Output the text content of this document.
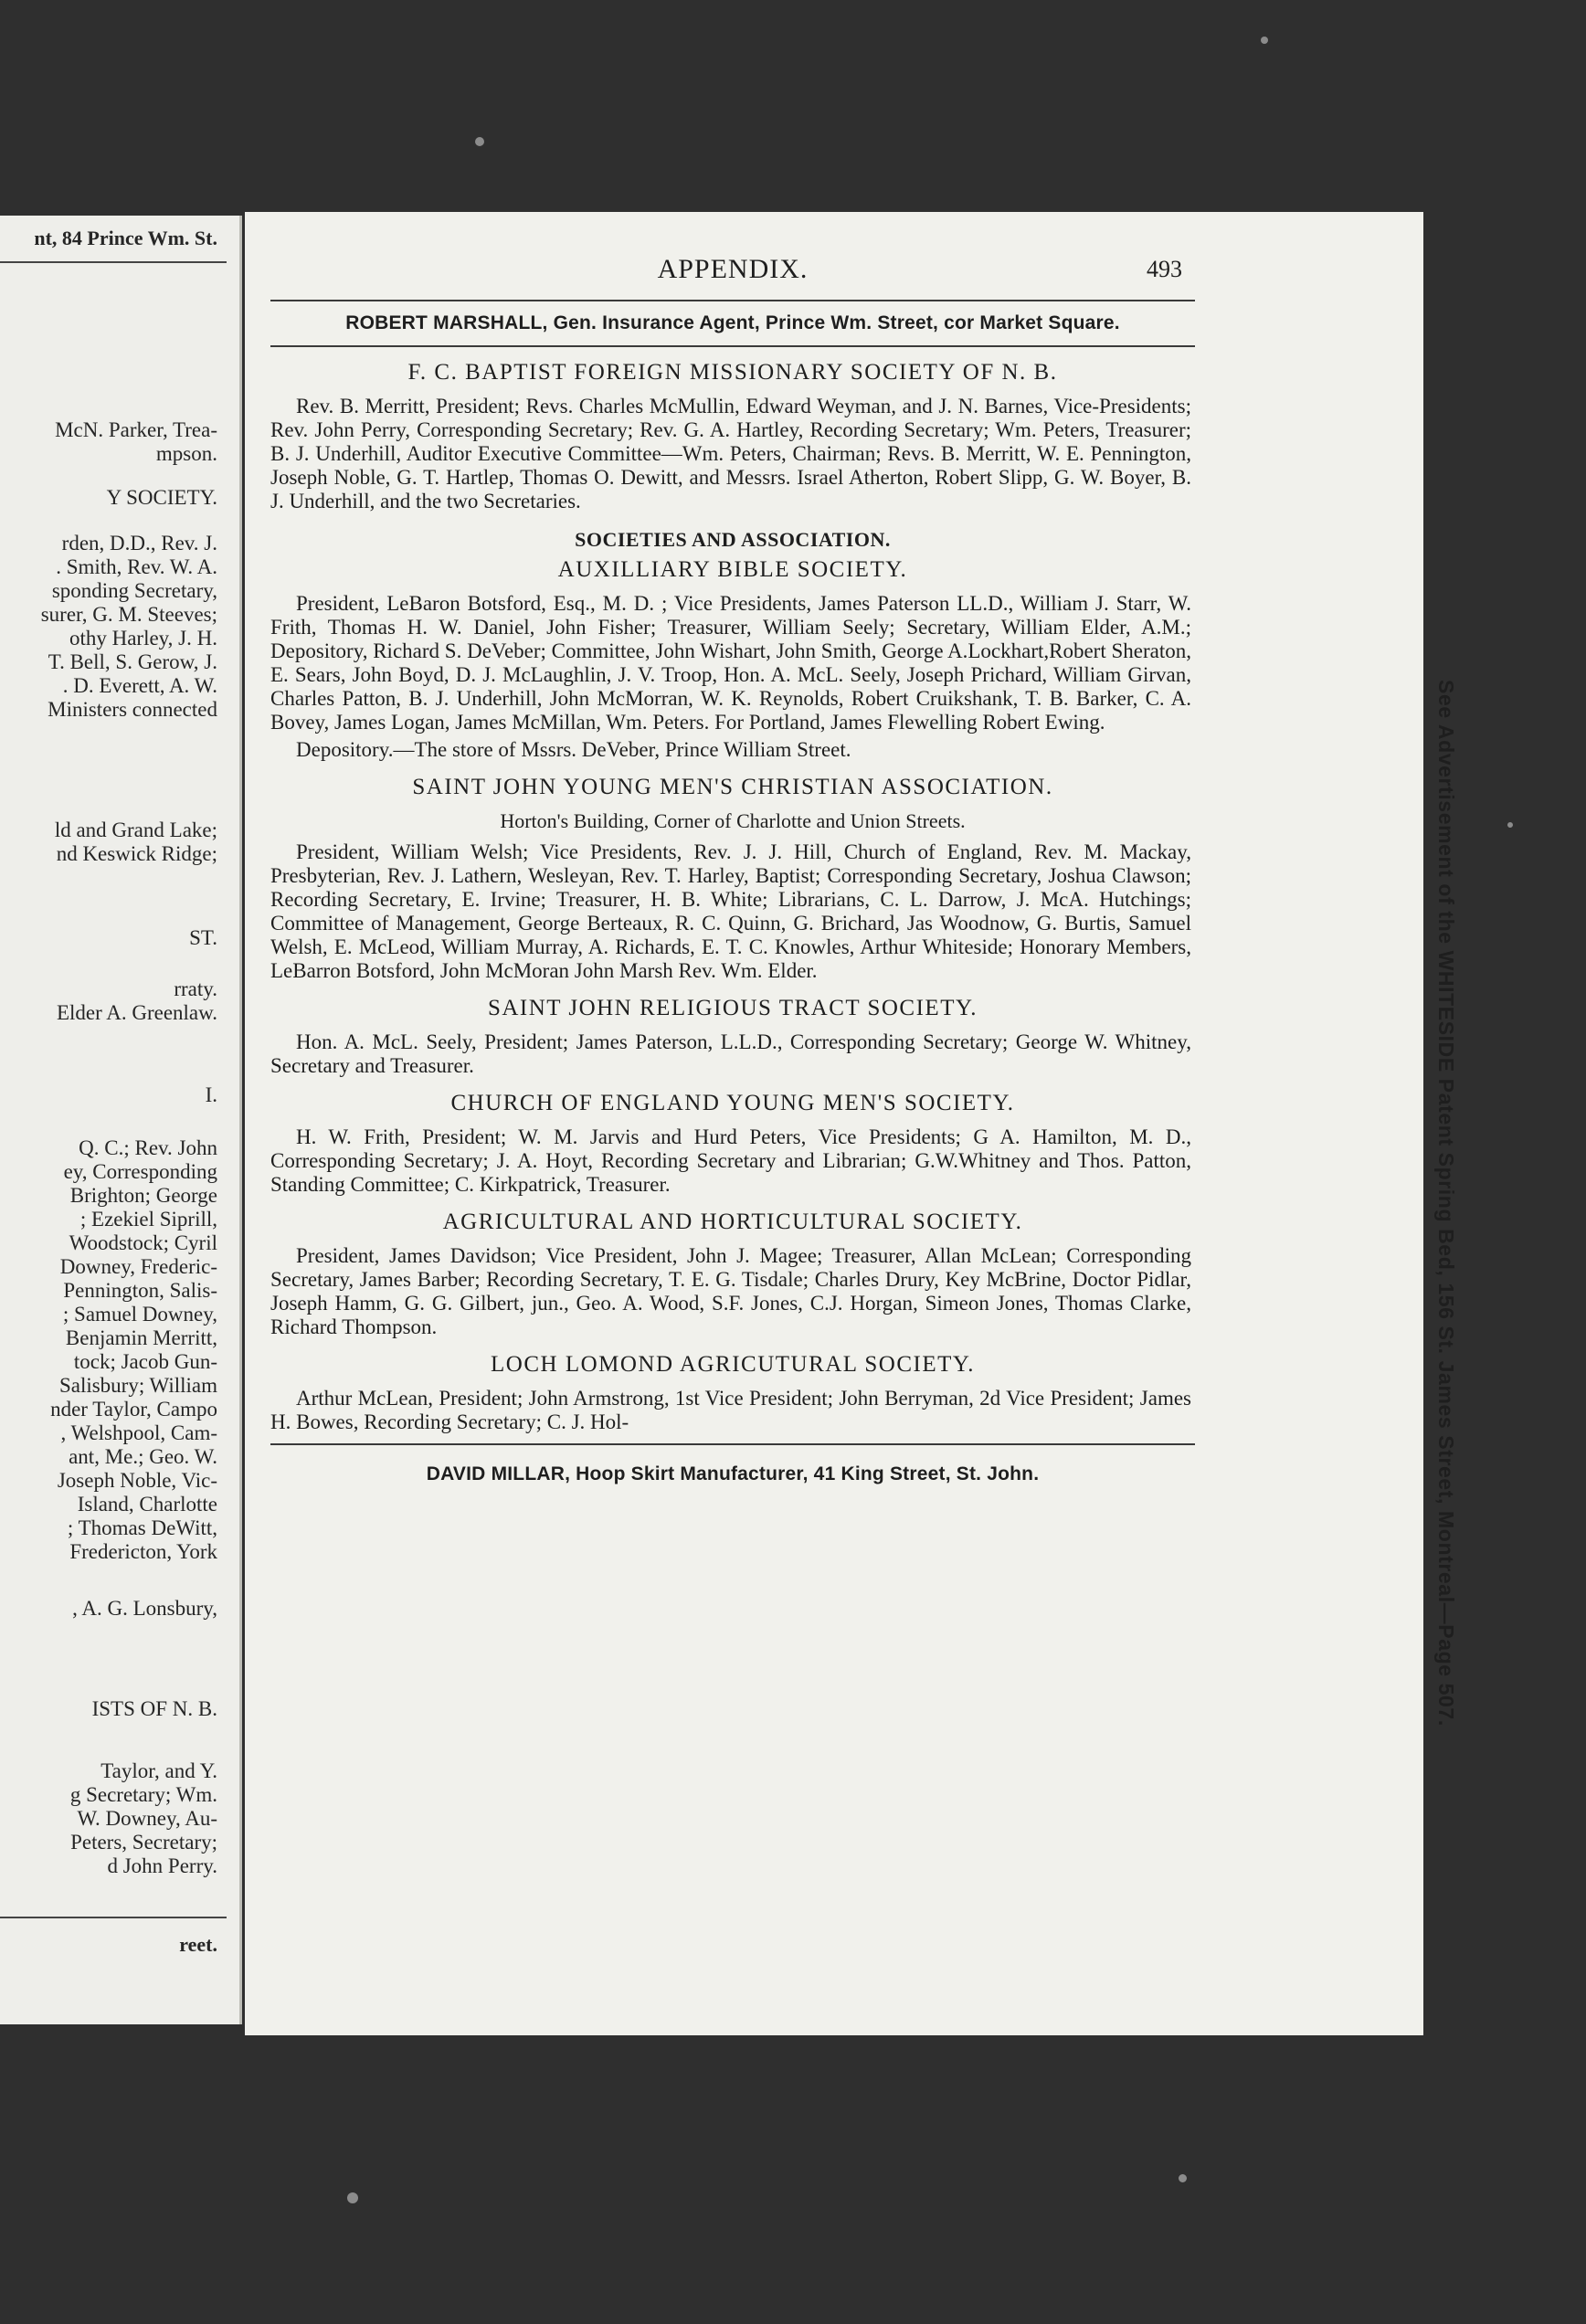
nt, 84 Prince Wm. St.
McN. Parker, Trea-
mpson.
Y SOCIETY.
rden, D.D., Rev. J.
. Smith, Rev. W. A.
sponding Secretary,
surer, G. M. Steeves;
othy Harley, J. H.
T. Bell, S. Gerow, J.
. D. Everett, A. W.
Ministers connected
ld and Grand Lake;
nd Keswick Ridge;
ST.
rraty.
Elder A. Greenlaw.
I.
Q. C.; Rev. John
ey, Corresponding
Brighton; George
; Ezekiel Siprill,
Woodstock; Cyril
Downey, Frederic-
Pennington, Salis-
; Samuel Downey,
Benjamin Merritt,
tock; Jacob Gun-
Salisbury; William
nder Taylor, Campo
, Welshpool, Cam-
ant, Me.; Geo. W.
Joseph Noble, Vic-
Island, Charlotte
; Thomas DeWitt,
Fredericton, York
, A. G. Lonsbury,
ISTS OF N. B.
Taylor, and Y.
g Secretary; Wm.
W. Downey, Au-
Peters, Secretary;
d John Perry.
reet.
APPENDIX.	493
ROBERT MARSHALL, Gen. Insurance Agent, Prince Wm. Street, cor Market Square.
F. C. BAPTIST FOREIGN MISSIONARY SOCIETY OF N. B.

Rev. B. Merritt, President; Revs. Charles McMullin, Edward Weyman, and J. N. Barnes, Vice-Presidents; Rev. John Perry, Corresponding Secretary; Rev. G. A. Hartley, Recording Secretary; Wm. Peters, Treasurer; B. J. Underhill, Auditor Executive Committee—Wm. Peters, Chairman; Revs. B. Merritt, W. E. Pennington, Joseph Noble, G. T. Hartlep, Thomas O. Dewitt, and Messrs. Israel Atherton, Robert Slipp, G. W. Boyer, B. J. Underhill, and the two Secretaries.

SOCIETIES AND ASSOCIATION.
AUXILLIARY BIBLE SOCIETY.

President, LeBaron Botsford, Esq., M. D. ; Vice Presidents, James Paterson LL.D., William J. Starr, W. Frith, Thomas H. W. Daniel, John Fisher; Treasurer, William Seely; Secretary, William Elder, A.M.; Depository, Richard S. DeVeber; Committee, John Wishart, John Smith, George A.Lockhart,Robert Sheraton, E. Sears, John Boyd, D. J. McLaughlin, J. V. Troop, Hon. A. McL. Seely, Joseph Prichard, William Girvan, Charles Patton, B. J. Underhill, John McMorran, W. K. Reynolds, Robert Cruikshank, T. B. Barker, C. A. Bovey, James Logan, James McMillan, Wm. Peters. For Portland, James Flewelling Robert Ewing.

Depository.—The store of Mssrs. DeVeber, Prince William Street.

SAINT JOHN YOUNG MEN'S CHRISTIAN ASSOCIATION.
Horton's Building, Corner of Charlotte and Union Streets.

President, William Welsh; Vice Presidents, Rev. J. J. Hill, Church of England, Rev. M. Mackay, Presbyterian, Rev. J. Lathern, Wesleyan, Rev. T. Harley, Baptist; Corresponding Secretary, Joshua Clawson; Recording Secretary, E. Irvine; Treasurer, H. B. White; Librarians, C. L. Darrow, J. McA. Hutchings; Committee of Management, George Berteaux, R. C. Quinn, G. Brichard, Jas Woodnow, G. Burtis, Samuel Welsh, E. McLeod, William Murray, A. Richards, E. T. C. Knowles, Arthur Whiteside; Honorary Members, LeBarron Botsford, John McMoran John Marsh Rev. Wm. Elder.

SAINT JOHN RELIGIOUS TRACT SOCIETY.

Hon. A. McL. Seely, President; James Paterson, L.L.D., Corresponding Secretary; George W. Whitney, Secretary and Treasurer.

CHURCH OF ENGLAND YOUNG MEN'S SOCIETY.

H. W. Frith, President; W. M. Jarvis and Hurd Peters, Vice Presidents; G A. Hamilton, M. D., Corresponding Secretary; J. A. Hoyt, Recording Secretary and Librarian; G.W.Whitney and Thos. Patton, Standing Committee; C. Kirkpatrick, Treasurer.

AGRICULTURAL AND HORTICULTURAL SOCIETY.

President, James Davidson; Vice President, John J. Magee; Treasurer, Allan McLean; Corresponding Secretary, James Barber; Recording Secretary, T. E. G. Tisdale; Charles Drury, Key McBrine, Doctor Pidlar, Joseph Hamm, G. G. Gilbert, jun., Geo. A. Wood, S.F. Jones, C.J. Horgan, Simeon Jones, Thomas Clarke, Richard Thompson.

LOCH LOMOND AGRICUTURAL SOCIETY.

Arthur McLean, President; John Armstrong, 1st Vice President; John Berryman, 2d Vice President; James H. Bowes, Recording Secretary; C. J. Hol-

DAVID MILLAR, Hoop Skirt Manufacturer, 41 King Street, St. John.	See Advertisement of the WHITESIDE Patent Spring Bed, 156 St. James Street, Montreal—Page 507.
